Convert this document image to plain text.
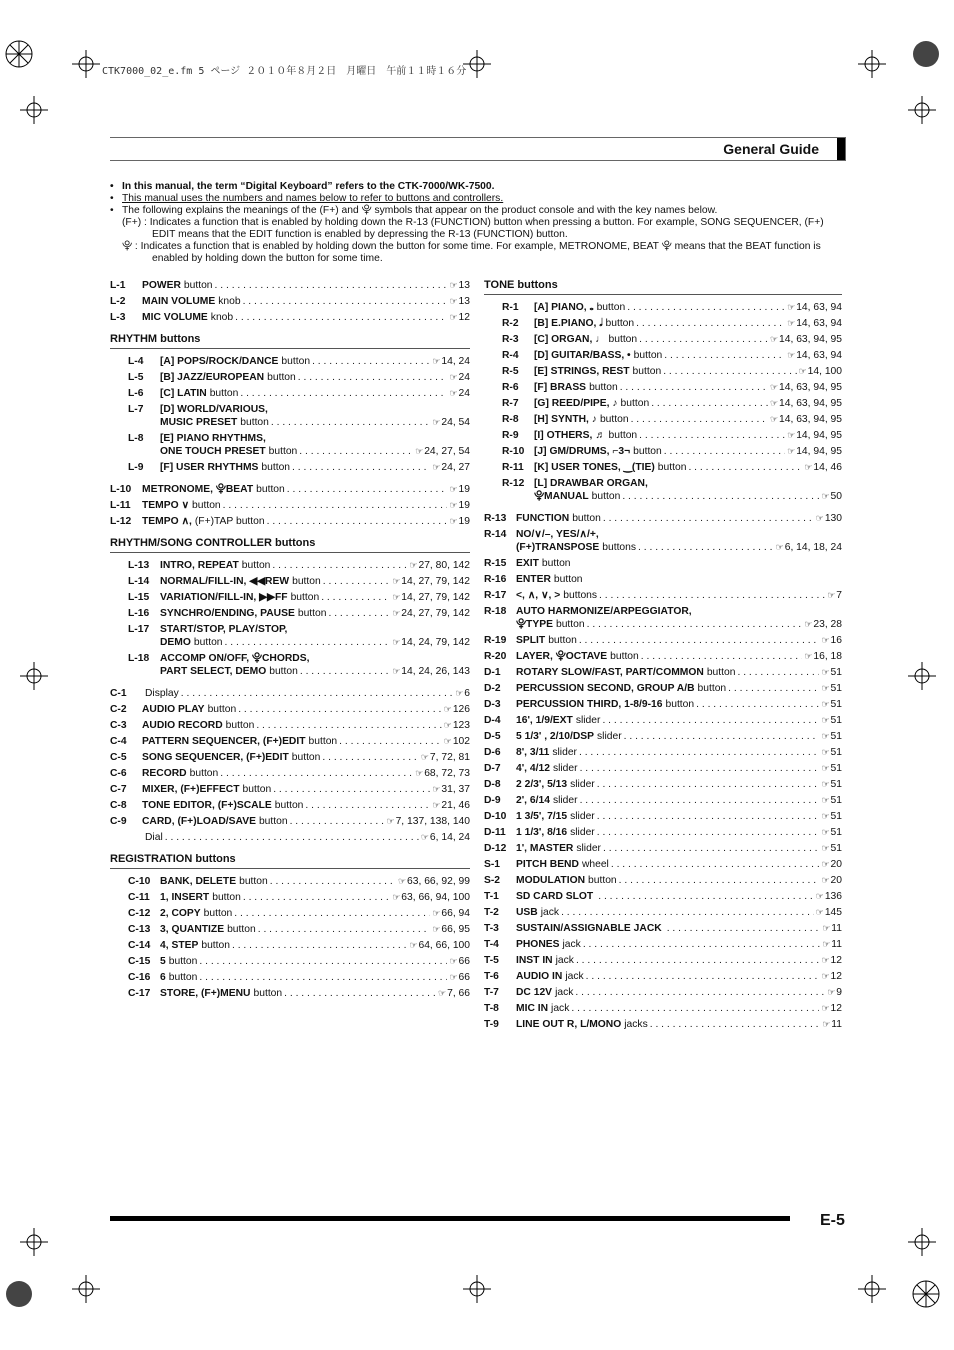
CTK7000_02_e.fm 5 ページ ２０１０年８月２日　月曜日　午前１１時１６分
General Guide
• In this manual, the term “Digital Keyboard” refers to the CTK-7000/WK-7500.
• This manual uses the numbers and names below to refer to buttons and controllers.
• The following explains the meanings of the (F+) and ⯓ symbols that appear on the product console and with the key names below.
(F+) : Indicates a function that is enabled by holding down the R-13 (FUNCTION) button when pressing a button. For example, SONG SEQUENCER, (F+) EDIT means that the EDIT function is enabled by depressing the R-13 (FUNCTION) button.
⯓ : Indicates a function that is enabled by holding down the button for some time. For example, METRONOME, BEAT ⯓ means that the BEAT function is enabled by holding down the button for some time.
L-1	POWER button . . .	☞ 13
L-2	MAIN VOLUME knob . . .	☞ 13
L-3	MIC VOLUME knob . . .	☞ 12
RHYTHM buttons
L-4	[A] POPS/ROCK/DANCE button . . .	☞ 14, 24
L-5	[B] JAZZ/EUROPEAN button . . .	☞ 24
L-6	[C] LATIN button . . .	☞ 24
L-7	[D] WORLD/VARIOUS,
MUSIC PRESET button . . .	☞ 24, 54
L-8	[E] PIANO RHYTHMS,
ONE TOUCH PRESET button . . .	☞ 24, 27, 54
L-9	[F] USER RHYTHMS button . . .	☞ 24, 27
L-10	METRONOME, ⯓BEAT button . . .	☞ 19
L-11	TEMPO ∨ button . . .	☞ 19
L-12	TEMPO ∧, (F+)TAP button . . .	☞ 19
RHYTHM/SONG CONTROLLER buttons
L-13	INTRO, REPEAT button . . .	☞ 27, 80, 142
L-14	NORMAL/FILL-IN, ◀◀REW button . . .	☞ 14, 27, 79, 142
L-15	VARIATION/FILL-IN, ▶▶FF button . . .	☞ 14, 27, 79, 142
L-16	SYNCHRO/ENDING, PAUSE button . . .	☞ 24, 27, 79, 142
L-17	START/STOP, PLAY/STOP,
DEMO button . . .	☞ 14, 24, 79, 142
L-18	ACCOMP ON/OFF, ⯓CHORDS,
PART SELECT, DEMO button . . .	☞ 14, 24, 26, 143
C-1	Display . . .	☞ 6
C-2	AUDIO PLAY button . . .	☞ 126
C-3	AUDIO RECORD button . . .	☞ 123
C-4	PATTERN SEQUENCER, (F+)EDIT button . . .	☞ 102
C-5	SONG SEQUENCER, (F+)EDIT button . . .	☞ 7, 72, 81
C-6	RECORD button . . .	☞ 68, 72, 73
C-7	MIXER, (F+)EFFECT button . . .	☞ 31, 37
C-8	TONE EDITOR, (F+)SCALE button . . .	☞ 21, 46
C-9	CARD, (F+)LOAD/SAVE button . . .	☞ 7, 137, 138, 140
Dial . . .	☞ 6, 14, 24
REGISTRATION buttons
C-10 BANK, DELETE button . . .	☞ 63, 66, 92, 99
C-11 1, INSERT button . . .	☞ 63, 66, 94, 100
C-12 2, COPY button . . .	☞ 66, 94
C-13 3, QUANTIZE button . . .	☞ 66, 95
C-14 4, STEP button . . .	☞ 64, 66, 100
C-15 5 button . . .	☞ 66
C-16 6 button . . .	☞ 66
C-17 STORE, (F+)MENU button . . .	☞ 7, 66
TONE buttons
R-1	[A] PIANO, 𝅝 button . . .	☞ 14, 63, 94
R-2	[B] E.PIANO, 𝅗𝅥 button . . .	☞ 14, 63, 94
R-3	[C] ORGAN, ♩ button . . .	☞ 14, 63, 94, 95
R-4	[D] GUITAR/BASS, • button . . .	☞ 14, 63, 94
R-5	[E] STRINGS, REST button . . .	☞ 14, 100
R-6	[F] BRASS button . . .	☞ 14, 63, 94, 95
R-7	[G] REED/PIPE, ♪ button . . .	☞ 14, 63, 94, 95
R-8	[H] SYNTH, ♪ button . . .	☞ 14, 63, 94, 95
R-9	[I] OTHERS, ♬ button . . .	☞ 14, 94, 95
R-10 [J] GM/DRUMS, ⌐3¬ button . . .	☞ 14, 94, 95
R-11 [K] USER TONES, ‿(TIE) button . . .	☞ 14, 46
R-12 [L] DRAWBAR ORGAN,
⯓MANUAL button . . .	☞ 50
R-13 FUNCTION button . . .	☞ 130
R-14 NO/∨/–, YES/∧/+,
(F+)TRANSPOSE buttons . . .	☞ 6, 14, 18, 24
R-15 EXIT button
R-16 ENTER button
R-17 <, ∧, ∨, > buttons . . .	☞ 7
R-18 AUTO HARMONIZE/ARPEGGIATOR,
⯓TYPE button . . .	☞ 23, 28
R-19 SPLIT button . . .	☞ 16
R-20 LAYER, ⯓OCTAVE button . . .	☞ 16, 18
D-1	ROTARY SLOW/FAST, PART/COMMON button . . .	☞ 51
D-2	PERCUSSION SECOND, GROUP A/B button . . .	☞ 51
D-3	PERCUSSION THIRD, 1-8/9-16 button . . .	☞ 51
D-4	16', 1/9/EXT slider . . .	☞ 51
D-5	5 1/3' , 2/10/DSP slider . . .	☞ 51
D-6	8', 3/11 slider . . .	☞ 51
D-7	4', 4/12 slider . . .	☞ 51
D-8	2 2/3', 5/13 slider . . .	☞ 51
D-9	2', 6/14 slider . . .	☞ 51
D-10 1 3/5', 7/15 slider . . .	☞ 51
D-11 1 1/3', 8/16 slider . . .	☞ 51
D-12 1', MASTER slider . . .	☞ 51
S-1	PITCH BEND wheel . . .	☞ 20
S-2	MODULATION button . . .	☞ 20
T-1	SD CARD SLOT . . .	☞ 136
T-2	USB jack . . .	☞ 145
T-3	SUSTAIN/ASSIGNABLE JACK . . .	☞ 11
T-4	PHONES jack . . .	☞ 11
T-5	INST IN jack . . .	☞ 12
T-6	AUDIO IN jack . . .	☞ 12
T-7	DC 12V jack . . .	☞ 9
T-8	MIC IN jack . . .	☞ 12
T-9	LINE OUT R, L/MONO jacks . . .	☞ 11
E-5
